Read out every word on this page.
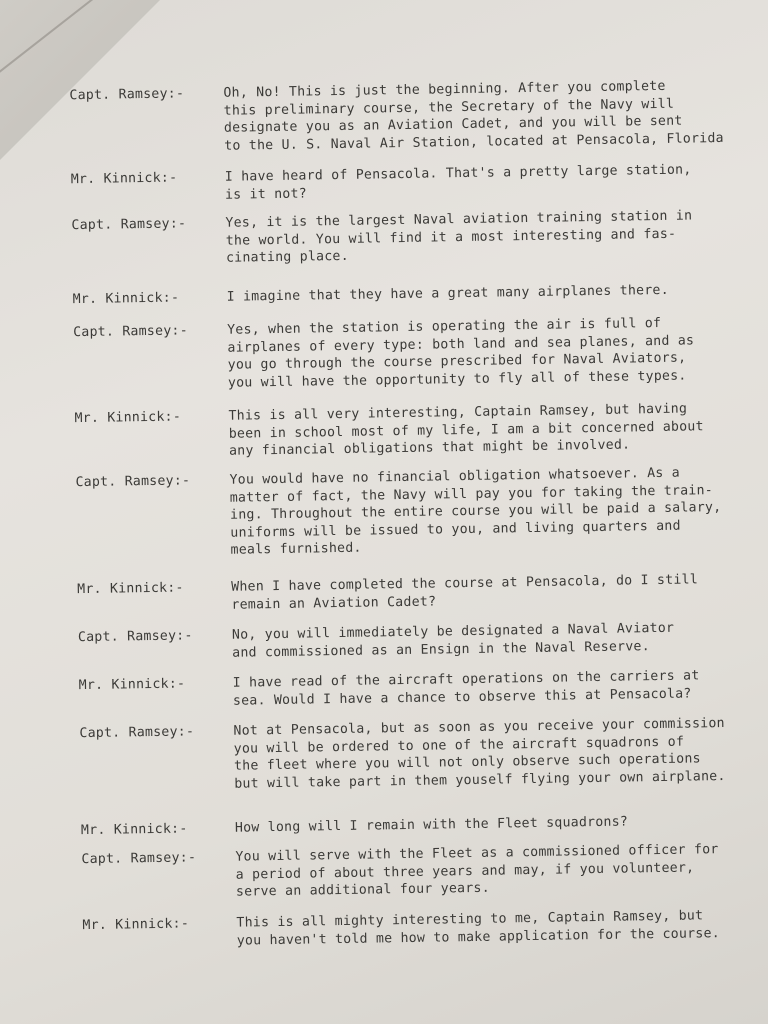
Capt. Ramsey:-	Oh, No! This is just the beginning. After you complete
this preliminary course, the Secretary of the Navy will
designate you as an Aviation Cadet, and you will be sent
to the U. S. Naval Air Station, located at Pensacola, Florida
Mr. Kinnick:-	I have heard of Pensacola. That's a pretty large station,
is it not?
Capt. Ramsey:-	Yes, it is the largest Naval aviation training station in
the world. You will find it a most interesting and fas-
cinating place.
Mr. Kinnick:-	I imagine that they have a great many airplanes there.
Capt. Ramsey:-	Yes, when the station is operating the air is full of
airplanes of every type: both land and sea planes, and as
you go through the course prescribed for Naval Aviators,
you will have the opportunity to fly all of these types.
Mr. Kinnick:-	This is all very interesting, Captain Ramsey, but having
been in school most of my life, I am a bit concerned about
any financial obligations that might be involved.
Capt. Ramsey:-	You would have no financial obligation whatsoever. As a
matter of fact, the Navy will pay you for taking the train-
ing. Throughout the entire course you will be paid a salary,
uniforms will be issued to you, and living quarters and
meals furnished.
Mr. Kinnick:-	When I have completed the course at Pensacola, do I still
remain an Aviation Cadet?
Capt. Ramsey:-	No, you will immediately be designated a Naval Aviator
and commissioned as an Ensign in the Naval Reserve.
Mr. Kinnick:-	I have read of the aircraft operations on the carriers at
sea. Would I have a chance to observe this at Pensacola?
Capt. Ramsey:-	Not at Pensacola, but as soon as you receive your commission
you will be ordered to one of the aircraft squadrons of
the fleet where you will not only observe such operations
but will take part in them youself flying your own airplane.
Mr. Kinnick:-	How long will I remain with the Fleet squadrons?
Capt. Ramsey:-	You will serve with the Fleet as a commissioned officer for
a period of about three years and may, if you volunteer,
serve an additional four years.
Mr. Kinnick:-	This is all mighty interesting to me, Captain Ramsey, but
you haven't told me how to make application for the course.
